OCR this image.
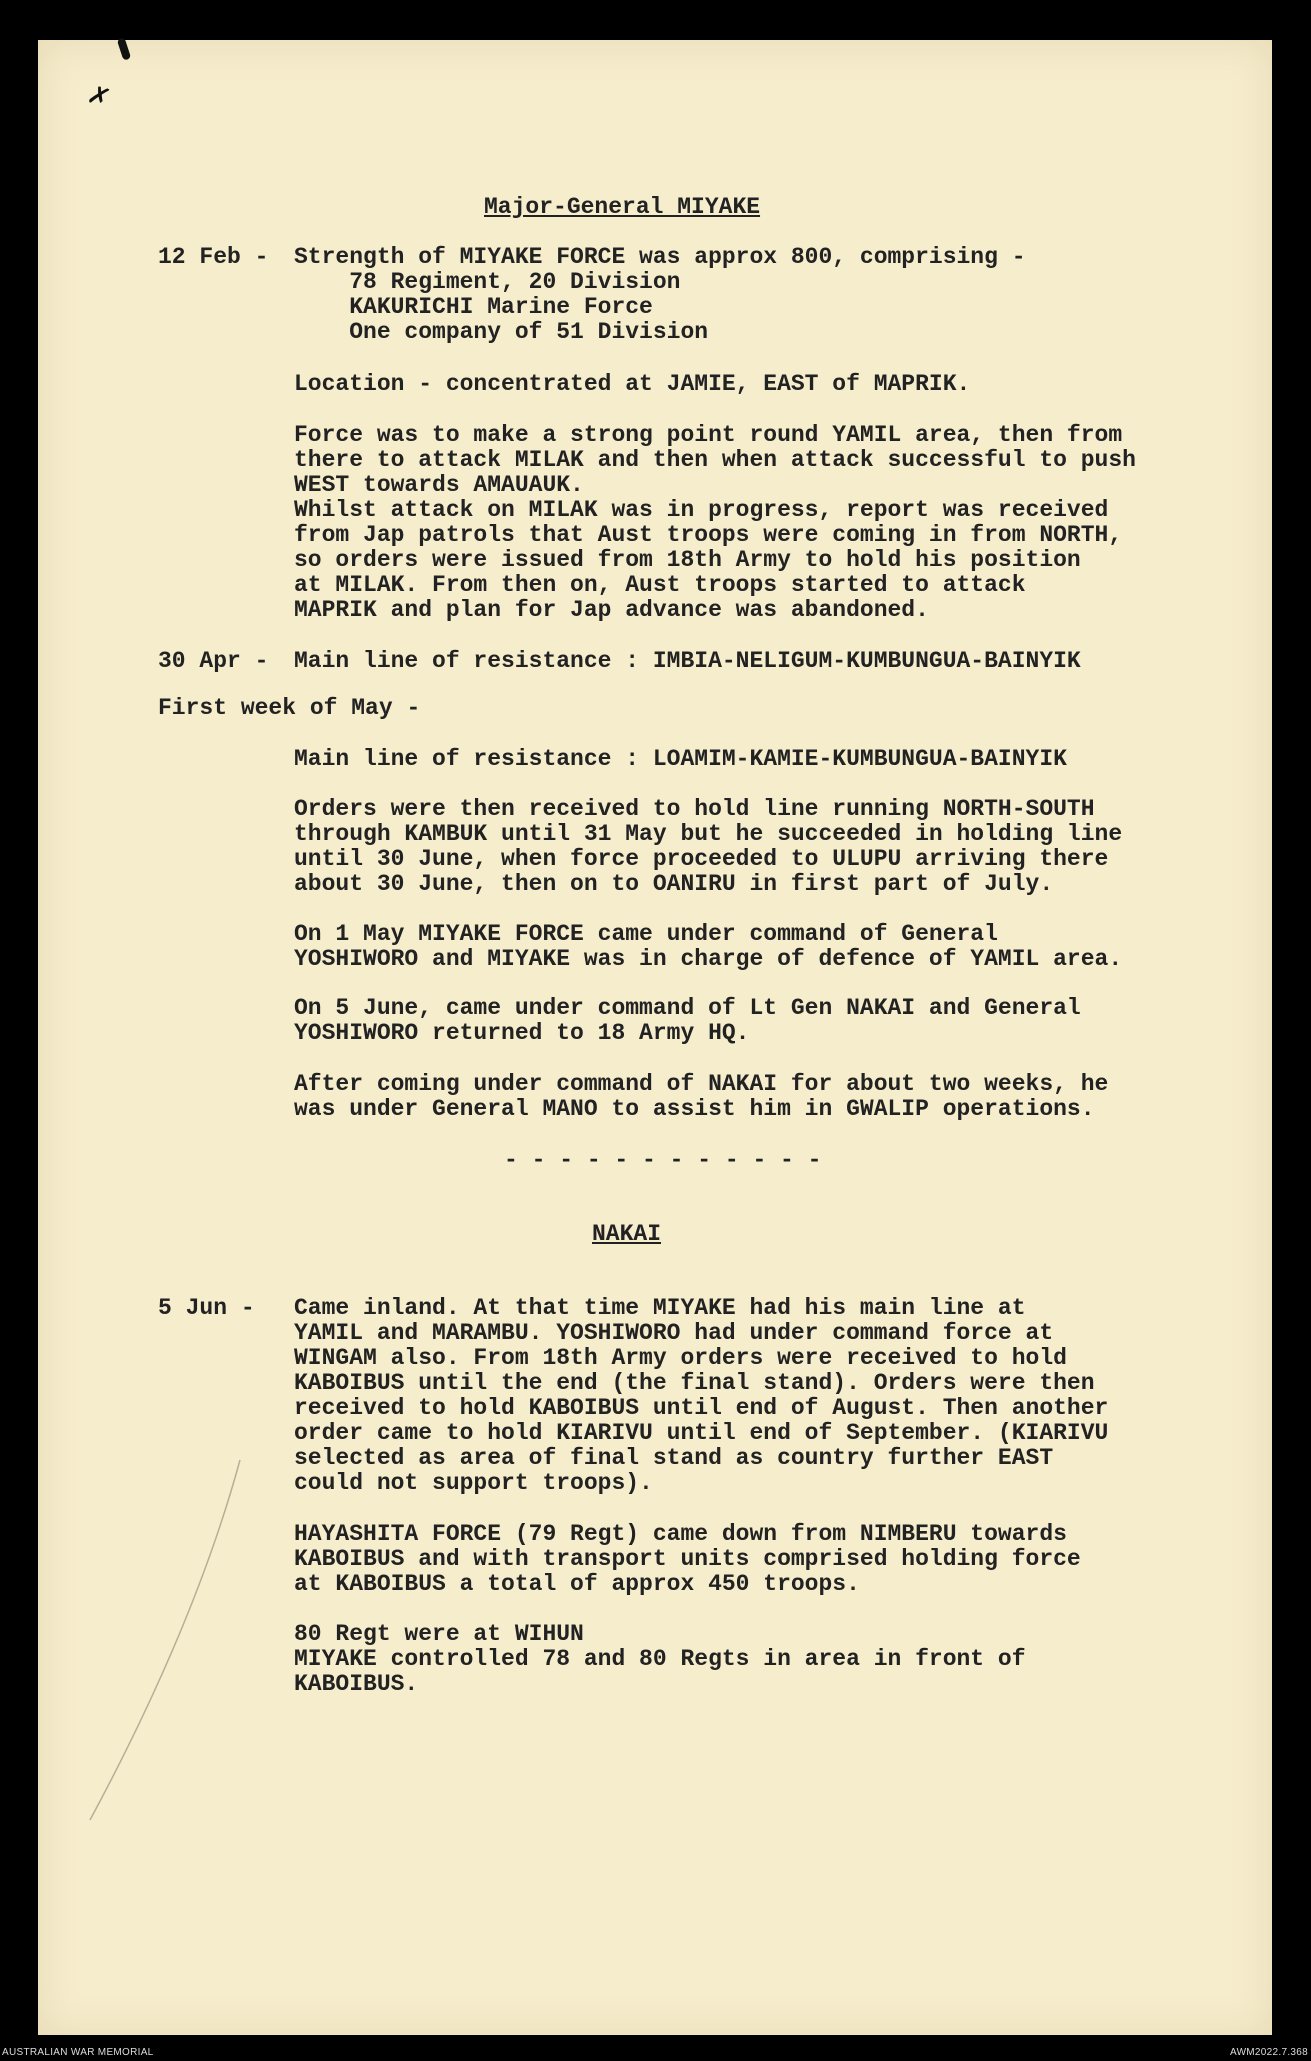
✗
Major-General MIYAKE
12 Feb - Strength of MIYAKE FORCE was approx 800, comprising -
78 Regiment, 20 Division
KAKURICHI Marine Force
One company of 51 Division
Location - concentrated at JAMIE, EAST of MAPRIK.
Force was to make a strong point round YAMIL area, then from
there to attack MILAK and then when attack successful to push
WEST towards AMAUAUK.
Whilst attack on MILAK was in progress, report was received
from Jap patrols that Aust troops were coming in from NORTH,
so orders were issued from 18th Army to hold his position
at MILAK. From then on, Aust troops started to attack
MAPRIK and plan for Jap advance was abandoned.
30 Apr - Main line of resistance : IMBIA-NELIGUM-KUMBUNGUA-BAINYIK
First week of May -
Main line of resistance : LOAMIM-KAMIE-KUMBUNGUA-BAINYIK
Orders were then received to hold line running NORTH-SOUTH
through KAMBUK until 31 May but he succeeded in holding line
until 30 June, when force proceeded to ULUPU arriving there
about 30 June, then on to OANIRU in first part of July.
On 1 May MIYAKE FORCE came under command of General
YOSHIWORO and MIYAKE was in charge of defence of YAMIL area.
On 5 June, came under command of Lt Gen NAKAI and General
YOSHIWORO returned to 18 Army HQ.
After coming under command of NAKAI for about two weeks, he
was under General MANO to assist him in GWALIP operations.
- - - - - - - - - - - -
NAKAI
5 Jun - Came inland. At that time MIYAKE had his main line at
YAMIL and MARAMBU. YOSHIWORO had under command force at
WINGAM also. From 18th Army orders were received to hold
KABOIBUS until the end (the final stand). Orders were then
received to hold KABOIBUS until end of August. Then another
order came to hold KIARIVU until end of September. (KIARIVU
selected as area of final stand as country further EAST
could not support troops).
HAYASHITA FORCE (79 Regt) came down from NIMBERU towards
KABOIBUS and with transport units comprised holding force
at KABOIBUS a total of approx 450 troops.
80 Regt were at WIHUN
MIYAKE controlled 78 and 80 Regts in area in front of
KABOIBUS.
AUSTRALIAN WAR MEMORIAL	AWM2022.7.368
